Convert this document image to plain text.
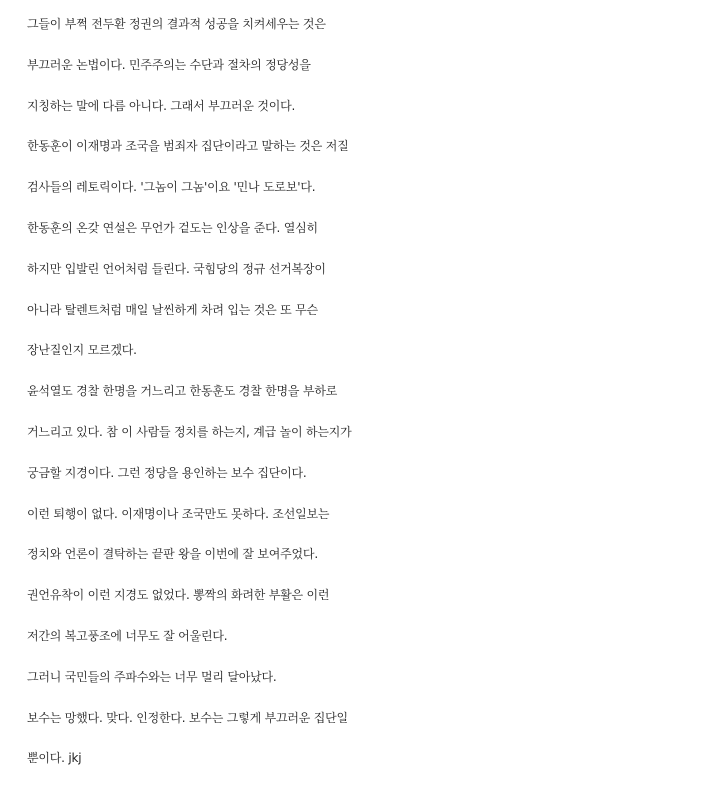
그들이 부쩍 전두환 정권의 결과적 성공을 치켜세우는 것은
부끄러운 논법이다. 민주주의는 수단과 절차의 정당성을
지칭하는 말에 다름 아니다. 그래서 부끄러운 것이다.
한동훈이 이재명과 조국을 범죄자 집단이라고 말하는 것은 저질
검사들의 레토릭이다. '그놈이 그놈'이요 '민나 도로보'다.
한동훈의 온갖 연설은 무언가 겉도는 인상을 준다. 열심히
하지만 입발린 언어처럼 들린다. 국힘당의 정규 선거복장이
아니라 탈렌트처럼 매일 날씬하게 차려 입는 것은 또 무슨
장난질인지 모르겠다.
윤석열도 경찰 한명을 거느리고 한동훈도 경찰 한명을 부하로
거느리고 있다. 참 이 사람들 정치를 하는지, 계급 놀이 하는지가
궁금할 지경이다. 그런 정당을 용인하는 보수 집단이다.
이런 퇴행이 없다. 이재명이나 조국만도 못하다. 조선일보는
정치와 언론이 결탁하는 끝판 왕을 이번에 잘 보여주었다.
권언유착이 이런 지경도 없었다. 뽕짝의 화려한 부활은 이런
저간의 복고풍조에 너무도 잘 어울린다.
그러니 국민들의 주파수와는 너무 멀리 달아났다.
보수는 망했다. 맞다. 인정한다. 보수는 그렇게 부끄러운 집단일
뿐이다. jkj
